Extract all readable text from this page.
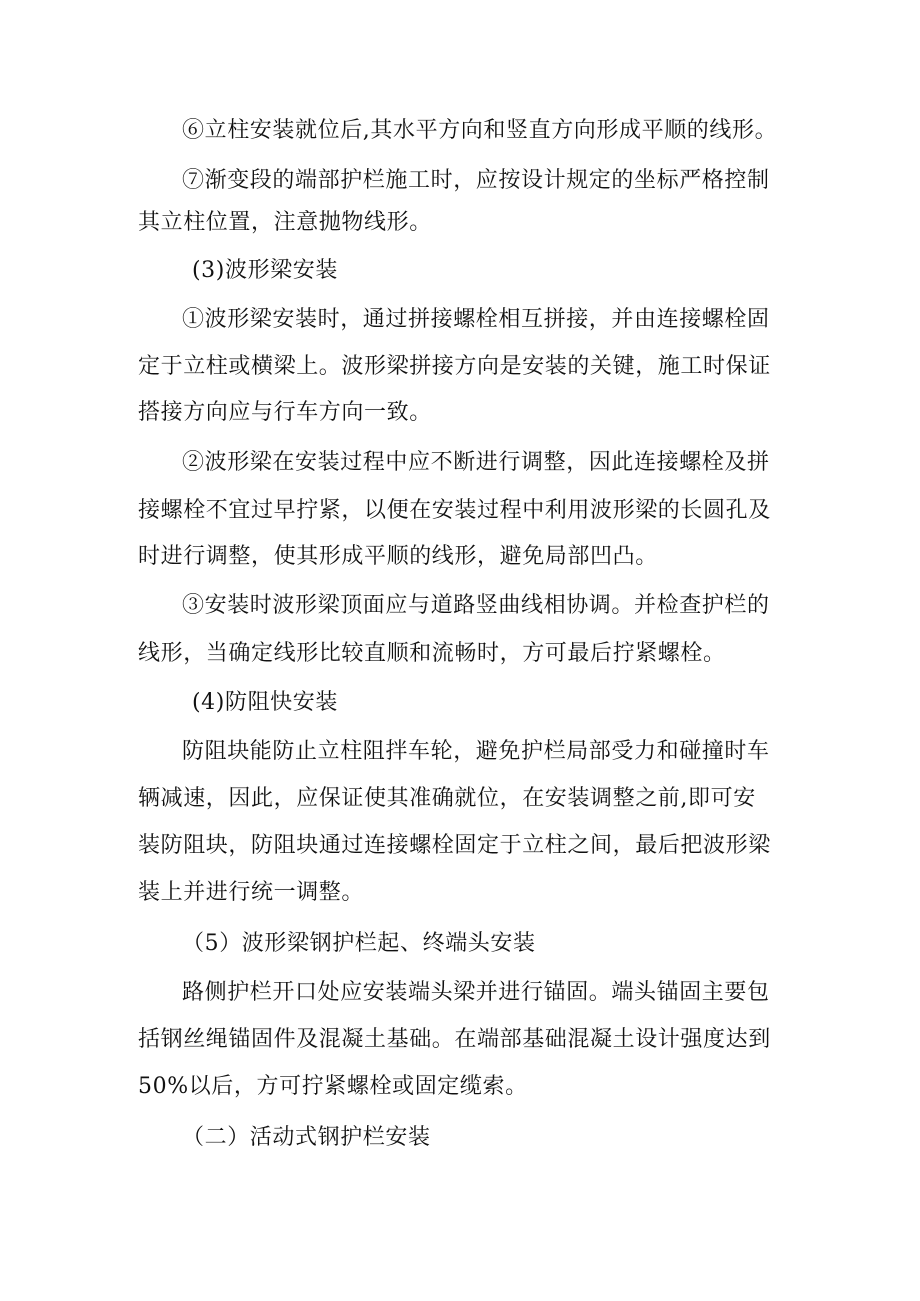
⑥立柱安装就位后,其水平方向和竖直方向形成平顺的线形。
⑦渐变段的端部护栏施工时，应按设计规定的坐标严格控制
其立柱位置，注意抛物线形。
(3)波形梁安装
①波形梁安装时，通过拼接螺栓相互拼接，并由连接螺栓固
定于立柱或横梁上。波形梁拼接方向是安装的关键，施工时保证
搭接方向应与行车方向一致。
②波形梁在安装过程中应不断进行调整，因此连接螺栓及拼
接螺栓不宜过早拧紧，以便在安装过程中利用波形梁的长圆孔及
时进行调整，使其形成平顺的线形，避免局部凹凸。
③安装时波形梁顶面应与道路竖曲线相协调。并检查护栏的
线形，当确定线形比较直顺和流畅时，方可最后拧紧螺栓。
(4)防阻快安装
防阻块能防止立柱阻拌车轮，避免护栏局部受力和碰撞时车
辆减速，因此，应保证使其准确就位，在安装调整之前,即可安
装防阻块，防阻块通过连接螺栓固定于立柱之间，最后把波形梁
装上并进行统一调整。
（5）波形梁钢护栏起、终端头安装
路侧护栏开口处应安装端头梁并进行锚固。端头锚固主要包
括钢丝绳锚固件及混凝土基础。在端部基础混凝土设计强度达到
50%以后，方可拧紧螺栓或固定缆索。
（二）活动式钢护栏安装
